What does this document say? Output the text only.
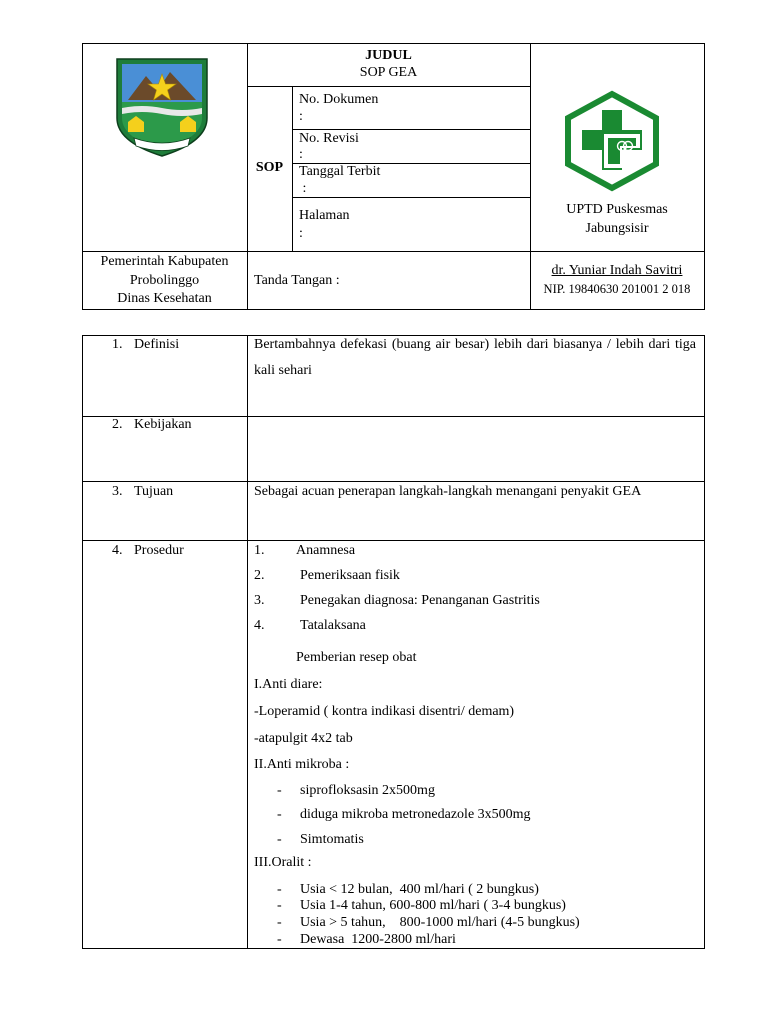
JUDUL
SOP GEA
SOP
No. Dokumen
:
No. Revisi
:
Tanggal Terbit
:
Halaman
:
UPTD Puskesmas
Jabungsisir
Pemerintah Kabupaten
Probolinggo
Dinas Kesehatan
Tanda Tangan :
dr. Yuniar Indah Savitri
NIP. 19840630 201001 2 018
1. Definisi	Bertambahnya defekasi (buang air besar) lebih dari biasanya / lebih dari tiga kali sehari
2. Kebijakan
3. Tujuan	Sebagai acuan penerapan langkah-langkah menangani penyakit GEA
4. Prosedur	1. Anamnesa
2.	Pemeriksaan fisik
3.	Penegakan diagnosa: Penanganan Gastritis
4.	Tatalaksana
Pemberian resep obat
I.Anti diare:
-Loperamid ( kontra indikasi disentri/ demam)
-atapulgit 4x2 tab
II.Anti mikroba :
- siprofloksasin 2x500mg
- diduga mikroba metronedazole 3x500mg
- Simtomatis
III.Oralit :
- Usia < 12 bulan,  400 ml/hari ( 2 bungkus)
- Usia 1-4 tahun, 600-800 ml/hari ( 3-4 bungkus)
- Usia > 5 tahun,    800-1000 ml/hari (4-5 bungkus)
- Dewasa  1200-2800 ml/hari
